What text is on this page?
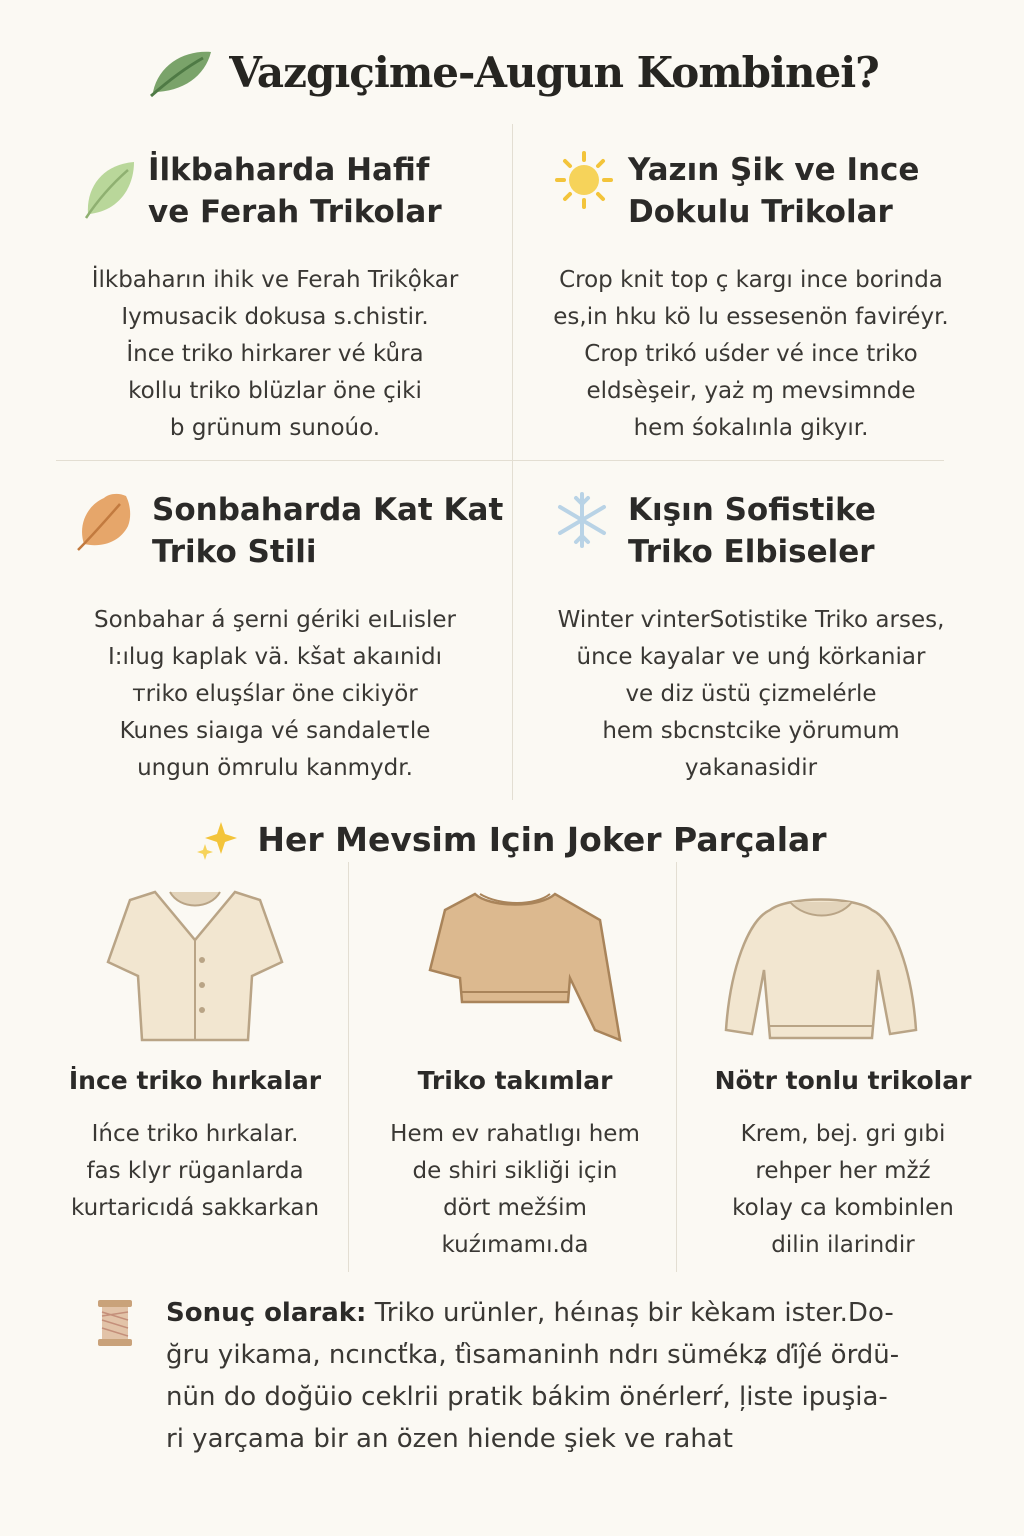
Vazgıçime-Augun Kombinei?
İlkbaharda Hafif
ve Ferah Trikolar

İlkbaharın ihik ve Ferah Trikộkar
Iymusacik dokusa s.chistir.
İnce triko hirkarer vé kůra
kollu triko blüzlar öne çiki
b grünum sunoúo.

Yazın Şik ve Ince
Dokulu Trikolar

Crop knit top ç kargı ince borinda
es,in hku kö lu essesenön faviréyr.
Crop trikó uśder vé ince triko
eldsèşeir, yaż ɱ mevsimnde
hem śokalınla gikyır.

Sonbaharda Kat Kat
Triko Stili

Sonbahar á şerni gériki eıLıisler
I:ılug kaplak vä. kšat akaınidı
ᴛriko eluşślar öne cikiyör
Kunes siaıga vé sandaleτle
ungun ömrulu kanmydr.

Kışın Sofistike
Triko Elbiseler

Winter ѵinterSotistike Triko arses,
ünce kayalar ve unģ körkaniar
ve diz üstü çizmelérle
hem sbcnstcike yörumum
yakanasidir

Her Mevsim Için Joker Parçalar
İnce triko hırkalar

Ińce triko hırkalar.
fas klyr rüganlarda
kurtaricıdá sakkarkan

Triko takımlar

Hem ev rahatlıgı hem
de shiri sikliği için
dört mežśim
kuźımamı.da

Nötr tonlu trikolar

Krem, bej. gri gıbi
rehper her mžź
kolay ca kombinlen
dilin ilarindir

Sonuç olarak: Triko urünler, héınaș bir kèkam ister.Do-
ğru yikama, ncıncťka, ťìsamaninh ndrı sümékʑ ďiĵé ördü-
nün do doğüio ceklrii pratik bákim önérlerŕ, l̦iste ipuşia-
ri yarçama bir an özen hiende şiek ve rahat
